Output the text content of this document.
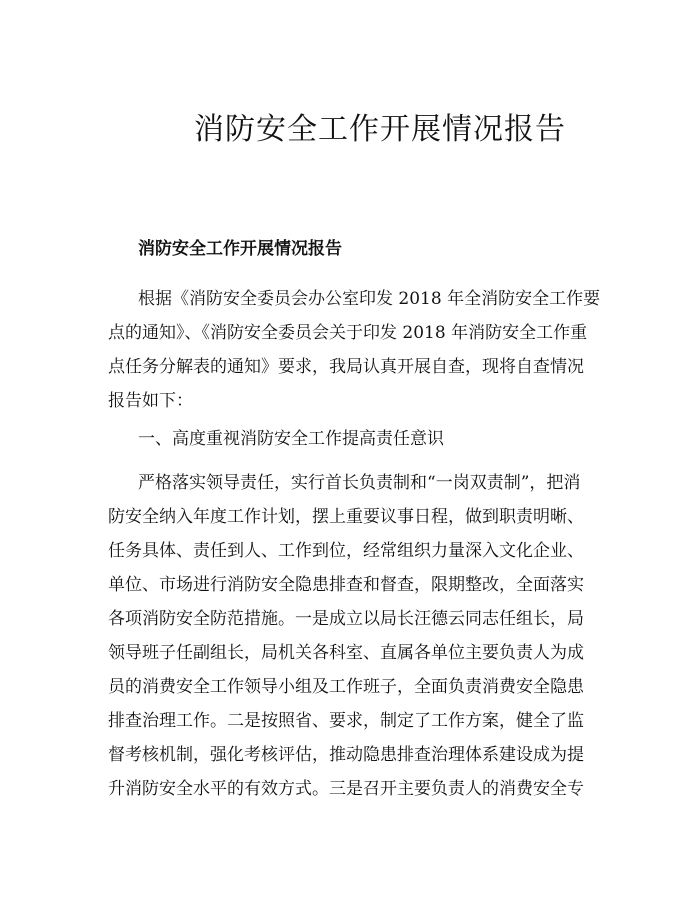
消防安全工作开展情况报告
消防安全工作开展情况报告
根据《消防安全委员会办公室印发 2018 年全消防安全工作要
点的通知》、《消防安全委员会关于印发 2018 年消防安全工作重
点任务分解表的通知》要求，我局认真开展自查，现将自查情况
报告如下：
一、高度重视消防安全工作提高责任意识
严格落实领导责任，实行首长负责制和“一岗双责制”，把消
防安全纳入年度工作计划，摆上重要议事日程，做到职责明晰、
任务具体、责任到人、工作到位，经常组织力量深入文化企业、
单位、市场进行消防安全隐患排查和督查，限期整改，全面落实
各项消防安全防范措施。一是成立以局长汪德云同志任组长，局
领导班子任副组长，局机关各科室、直属各单位主要负责人为成
员的消费安全工作领导小组及工作班子，全面负责消费安全隐患
排查治理工作。二是按照省、要求，制定了工作方案，健全了监
督考核机制，强化考核评估，推动隐患排查治理体系建设成为提
升消防安全水平的有效方式。三是召开主要负责人的消费安全专
